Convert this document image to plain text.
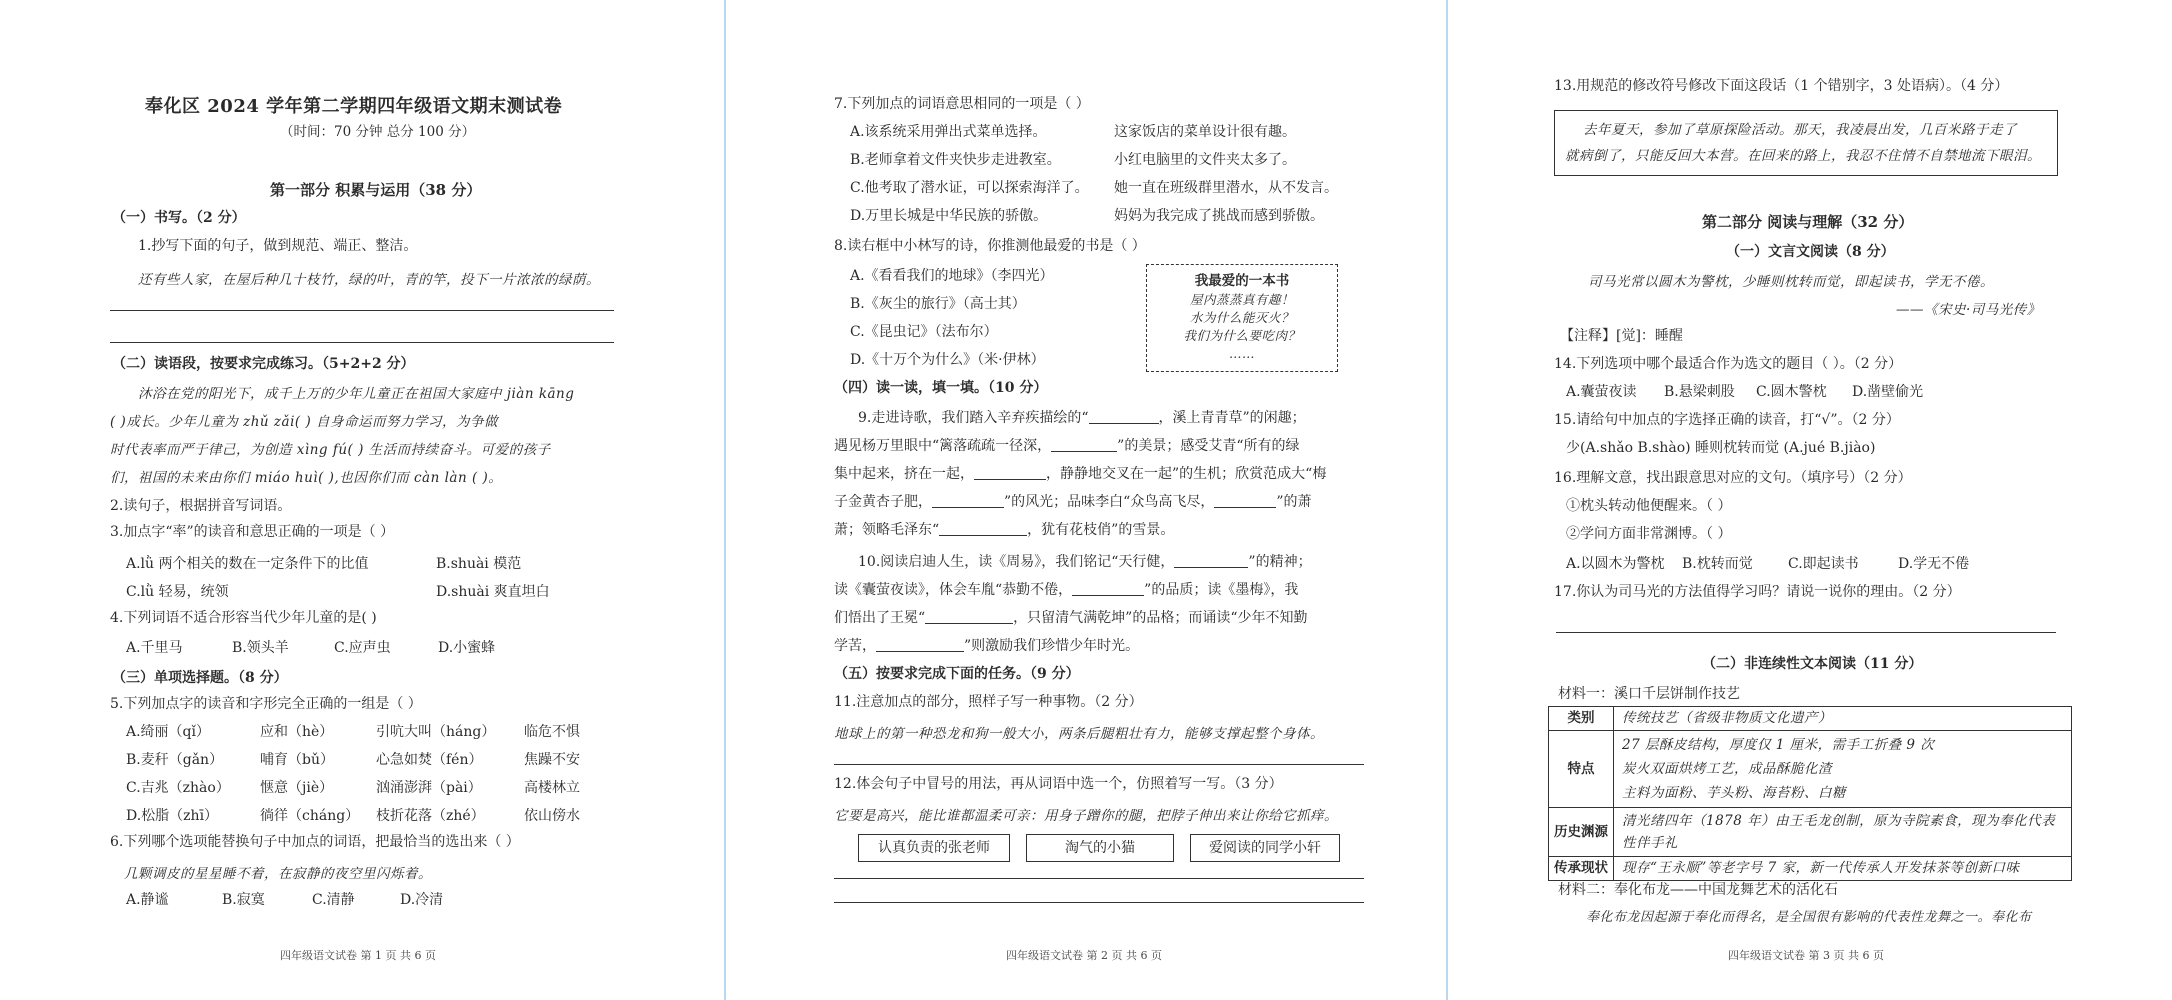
奉化区 2024 学年第二学期四年级语文期末测试卷
（时间：70 分钟 总分 100 分）
第一部分 积累与运用（38 分）
（一）书写。（2 分）
1.抄写下面的句子，做到规范、端正、整洁。
还有些人家，在屋后种几十枝竹，绿的叶，青的竿，投下一片浓浓的绿荫。
（二）读语段，按要求完成练习。（5+2+2 分）
沐浴在党的阳光下，成千上万的少年儿童正在祖国大家庭中 jiàn kāng
( )成长。少年儿童为 zhǔ zǎi( ) 自身命运而努力学习，为争做
时代表率而严于律己，为创造 xìng fú( ) 生活而持续奋斗。可爱的孩子
们，祖国的未来由你们 miáo huì( ),也因你们而 càn làn ( )。
2.读句子，根据拼音写词语。
3.加点字“率”的读音和意思正确的一项是（ ）
A.lǜ 两个相关的数在一定条件下的比值	B.shuài 模范
C.lǜ 轻易，统领	D.shuài 爽直坦白
4.下列词语不适合形容当代少年儿童的是( )
A.千里马	B.领头羊	C.应声虫	D.小蜜蜂
（三）单项选择题。（8 分）
5.下列加点字的读音和字形完全正确的一组是（ ）
A.绮丽（qǐ）	应和（hè）	引吭大叫（háng） 临危不惧
B.麦秆（gǎn）	哺育（bǔ）	心急如焚（fén）	焦躁不安
C.吉兆（zhào） 惬意（jiè）	汹涌澎湃（pài）	高楼林立
D.松脂（zhī）	徜徉（cháng） 枝折花落（zhé）	依山傍水
6.下列哪个选项能替换句子中加点的词语，把最恰当的选出来（ ）
几颗调皮的星星睡不着，在寂静的夜空里闪烁着。
A.静谧	B.寂寞	C.清静	D.冷清
四年级语文试卷 第 1 页 共 6 页
7.下列加点的词语意思相同的一项是（ ）
A.该系统采用弹出式菜单选择。	这家饭店的菜单设计很有趣。
B.老师拿着文件夹快步走进教室。	小红电脑里的文件夹太多了。
C.他考取了潜水证，可以探索海洋了。 她一直在班级群里潜水，从不发言。
D.万里长城是中华民族的骄傲。	妈妈为我完成了挑战而感到骄傲。
8.读右框中小林写的诗，你推测他最爱的书是（ ）
A.《看看我们的地球》（李四光）
B.《灰尘的旅行》（高士其）
C.《昆虫记》（法布尔）
D.《十万个为什么》（米·伊林）
我最爱的一本书
屋内蒸蒸真有趣！
水为什么能灭火？
我们为什么要吃肉？
……
（四）读一读，填一填。（10 分）
9.走进诗歌，我们踏入辛弃疾描绘的“	，溪上青青草”的闲趣；
遇见杨万里眼中“篱落疏疏一径深，	”的美景；感受艾青“所有的绿
集中起来，挤在一起，	，静静地交叉在一起”的生机；欣赏范成大“梅
子金黄杏子肥，	”的风光；品味李白“众鸟高飞尽，	”的萧
萧；领略毛泽东“	，犹有花枝俏”的雪景。
10.阅读启迪人生，读《周易》，我们铭记“天行健，	”的精神；
读《囊萤夜读》，体会车胤“恭勤不倦，	”的品质；读《墨梅》，我
们悟出了王冕“	，只留清气满乾坤”的品格；而诵读“少年不知勤
学苦，	”则激励我们珍惜少年时光。
（五）按要求完成下面的任务。（9 分）
11.注意加点的部分，照样子写一种事物。（2 分）
地球上的第一种恐龙和狗一般大小，两条后腿粗壮有力，能够支撑起整个身体。
12.体会句子中冒号的用法，再从词语中选一个，仿照着写一写。（3 分）
它要是高兴，能比谁都温柔可亲：用身子蹭你的腿，把脖子伸出来让你给它抓痒。
认真负责的张老师	淘气的小猫	爱阅读的同学小轩
四年级语文试卷 第 2 页 共 6 页
13.用规范的修改符号修改下面这段话（1 个错别字，3 处语病）。（4 分）
去年夏天，参加了草原探险活动。那天，我凌晨出发，几百米路于走了
就病倒了，只能反回大本营。在回来的路上，我忍不住情不自禁地流下眼泪。
第二部分 阅读与理解（32 分）
（一）文言文阅读（8 分）
司马光常以圆木为警枕，少睡则枕转而觉，即起读书，学无不倦。
——《宋史·司马光传》
【注释】[觉]：睡醒
14.下列选项中哪个最适合作为选文的题目（ ）。（2 分）
A.囊萤夜读 B.悬梁刺股 C.圆木警枕 D.凿壁偷光
15.请给句中加点的字选择正确的读音，打“√”。（2 分）
少(A.shǎo B.shào) 睡则枕转而觉 (A.jué B.jiào)
16.理解文意，找出跟意思对应的文句。（填序号）（2 分）
①枕头转动他便醒来。（ ）
②学问方面非常渊博。（ ）
A.以圆木为警枕 B.枕转而觉	C.即起读书	D.学无不倦
17.你认为司马光的方法值得学习吗？请说一说你的理由。（2 分）
（二）非连续性文本阅读（11 分）
材料一：溪口千层饼制作技艺
类别	传统技艺（省级非物质文化遗产）
特点	27 层酥皮结构，厚度仅 1 厘米，需手工折叠 9 次
炭火双面烘烤工艺，成品酥脆化渣
主料为面粉、芋头粉、海苔粉、白糖

历史渊源	清光绪四年（1878 年）由王毛龙创制，原为寺院素食，现为奉化代表性伴手礼

传承现状	现存“王永顺”等老字号 7 家，新一代传承人开发抹茶等创新口味
材料二：奉化布龙——中国龙舞艺术的活化石
奉化布龙因起源于奉化而得名，是全国很有影响的代表性龙舞之一。奉化布
四年级语文试卷 第 3 页 共 6 页
